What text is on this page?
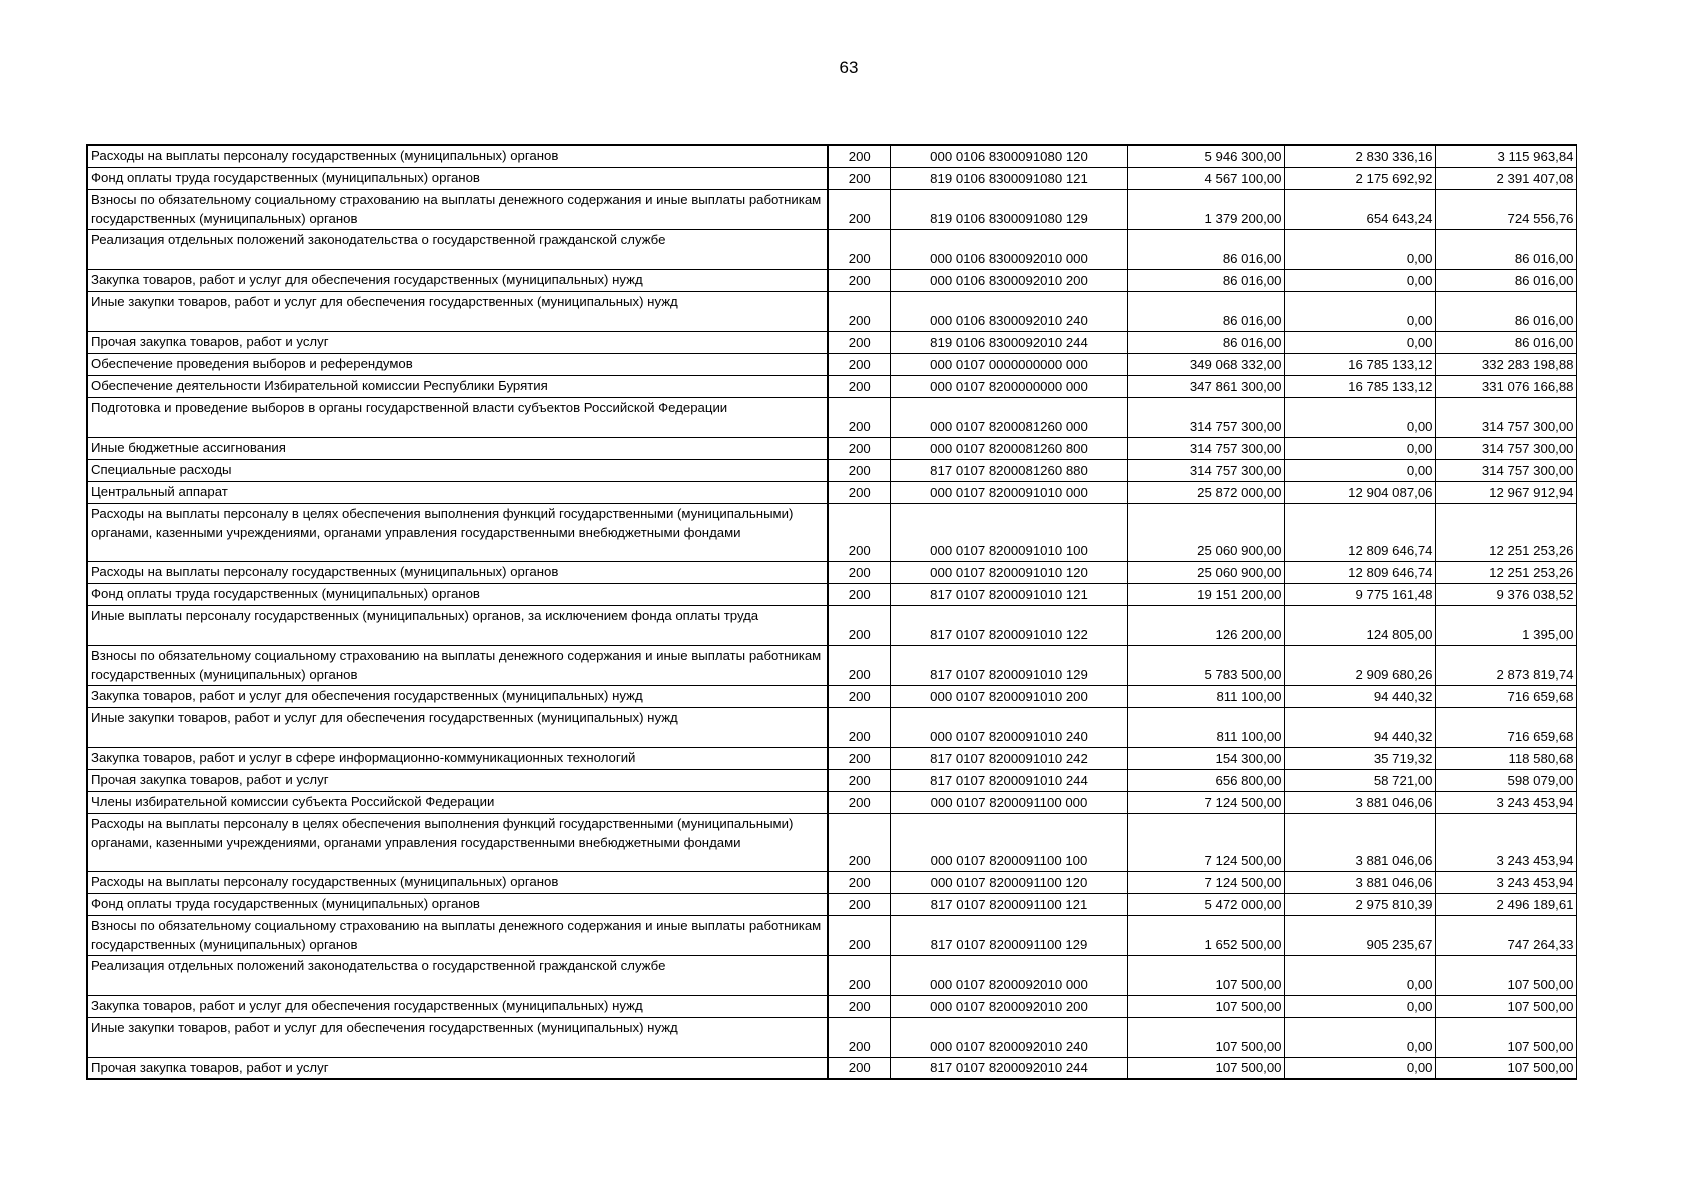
63
Расходы на выплаты персоналу государственных (муниципальных) органов	200	000 0106 8300091080 120	5 946 300,00	2 830 336,16	3 115 963,84
Фонд оплаты труда государственных (муниципальных) органов	200	819 0106 8300091080 121	4 567 100,00	2 175 692,92	2 391 407,08
Взносы по обязательному социальному страхованию на выплаты денежного содержания и иные выплаты работникам государственных (муниципальных) органов	200	819 0106 8300091080 129	1 379 200,00	654 643,24	724 556,76
Реализация отдельных положений законодательства о государственной гражданской службе	200	000 0106 8300092010 000	86 016,00	0,00	86 016,00
Закупка товаров, работ и услуг для обеспечения государственных (муниципальных) нужд	200	000 0106 8300092010 200	86 016,00	0,00	86 016,00
Иные закупки товаров, работ и услуг для обеспечения государственных (муниципальных) нужд	200	000 0106 8300092010 240	86 016,00	0,00	86 016,00
Прочая закупка товаров, работ и услуг	200	819 0106 8300092010 244	86 016,00	0,00	86 016,00
Обеспечение проведения выборов и референдумов	200	000 0107 0000000000 000	349 068 332,00	16 785 133,12	332 283 198,88
Обеспечение деятельности Избирательной комиссии Республики Бурятия	200	000 0107 8200000000 000	347 861 300,00	16 785 133,12	331 076 166,88
Подготовка и проведение выборов в органы государственной власти субъектов Российской Федерации	200	000 0107 8200081260 000	314 757 300,00	0,00	314 757 300,00
Иные бюджетные ассигнования	200	000 0107 8200081260 800	314 757 300,00	0,00	314 757 300,00
Специальные расходы	200	817 0107 8200081260 880	314 757 300,00	0,00	314 757 300,00
Центральный аппарат	200	000 0107 8200091010 000	25 872 000,00	12 904 087,06	12 967 912,94
Расходы на выплаты персоналу в целях обеспечения выполнения функций государственными (муниципальными) органами, казенными учреждениями, органами управления государственными внебюджетными фондами	200	000 0107 8200091010 100	25 060 900,00	12 809 646,74	12 251 253,26
Расходы на выплаты персоналу государственных (муниципальных) органов	200	000 0107 8200091010 120	25 060 900,00	12 809 646,74	12 251 253,26
Фонд оплаты труда государственных (муниципальных) органов	200	817 0107 8200091010 121	19 151 200,00	9 775 161,48	9 376 038,52
Иные выплаты персоналу государственных (муниципальных) органов, за исключением фонда оплаты труда	200	817 0107 8200091010 122	126 200,00	124 805,00	1 395,00
Взносы по обязательному социальному страхованию на выплаты денежного содержания и иные выплаты работникам государственных (муниципальных) органов	200	817 0107 8200091010 129	5 783 500,00	2 909 680,26	2 873 819,74
Закупка товаров, работ и услуг для обеспечения государственных (муниципальных) нужд	200	000 0107 8200091010 200	811 100,00	94 440,32	716 659,68
Иные закупки товаров, работ и услуг для обеспечения государственных (муниципальных) нужд	200	000 0107 8200091010 240	811 100,00	94 440,32	716 659,68
Закупка товаров, работ и услуг в сфере информационно-коммуникационных технологий	200	817 0107 8200091010 242	154 300,00	35 719,32	118 580,68
Прочая закупка товаров, работ и услуг	200	817 0107 8200091010 244	656 800,00	58 721,00	598 079,00
Члены избирательной комиссии субъекта Российской Федерации	200	000 0107 8200091100 000	7 124 500,00	3 881 046,06	3 243 453,94
Расходы на выплаты персоналу в целях обеспечения выполнения функций государственными (муниципальными) органами, казенными учреждениями, органами управления государственными внебюджетными фондами	200	000 0107 8200091100 100	7 124 500,00	3 881 046,06	3 243 453,94
Расходы на выплаты персоналу государственных (муниципальных) органов	200	000 0107 8200091100 120	7 124 500,00	3 881 046,06	3 243 453,94
Фонд оплаты труда государственных (муниципальных) органов	200	817 0107 8200091100 121	5 472 000,00	2 975 810,39	2 496 189,61
Взносы по обязательному социальному страхованию на выплаты денежного содержания и иные выплаты работникам государственных (муниципальных) органов	200	817 0107 8200091100 129	1 652 500,00	905 235,67	747 264,33
Реализация отдельных положений законодательства о государственной гражданской службе	200	000 0107 8200092010 000	107 500,00	0,00	107 500,00
Закупка товаров, работ и услуг для обеспечения государственных (муниципальных) нужд	200	000 0107 8200092010 200	107 500,00	0,00	107 500,00
Иные закупки товаров, работ и услуг для обеспечения государственных (муниципальных) нужд	200	000 0107 8200092010 240	107 500,00	0,00	107 500,00
Прочая закупка товаров, работ и услуг	200	817 0107 8200092010 244	107 500,00	0,00	107 500,00
